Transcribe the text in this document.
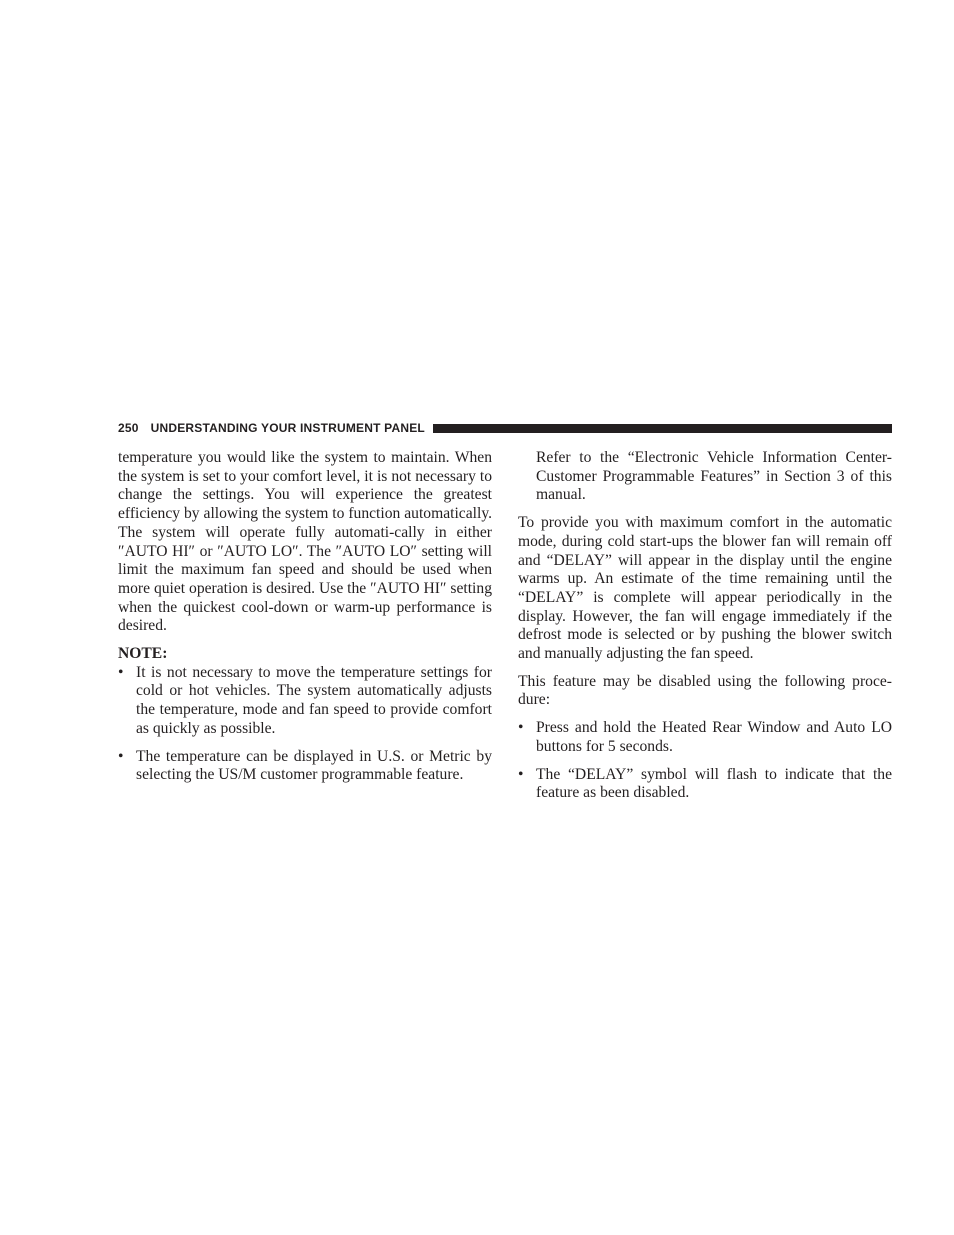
250 UNDERSTANDING YOUR INSTRUMENT PANEL

temperature you would like the system to maintain. When the system is set to your comfort level, it is not necessary to change the settings. You will experience the greatest efficiency by allowing the system to function automatically. The system will operate fully automati-cally in either ″AUTO HI″ or ″AUTO LO″. The ″AUTO LO″ setting will limit the maximum fan speed and should be used when more quiet operation is desired. Use the ″AUTO HI″ setting when the quickest cool-down or warm-up performance is desired.

NOTE:
• It is not necessary to move the temperature settings for cold or hot vehicles. The system automatically adjusts the temperature, mode and fan speed to provide comfort as quickly as possible.
• The temperature can be displayed in U.S. or Metric by selecting the US/M customer programmable feature.

Refer to the “Electronic Vehicle Information Center-Customer Programmable Features” in Section 3 of this manual.

To provide you with maximum comfort in the automatic mode, during cold start-ups the blower fan will remain off and “DELAY” will appear in the display until the engine warms up. An estimate of the time remaining until the “DELAY” is complete will appear periodically in the display. However, the fan will engage immediately if the defrost mode is selected or by pushing the blower switch and manually adjusting the fan speed.

This feature may be disabled using the following proce-dure:

• Press and hold the Heated Rear Window and Auto LO buttons for 5 seconds.
• The “DELAY” symbol will flash to indicate that the feature as been disabled.
